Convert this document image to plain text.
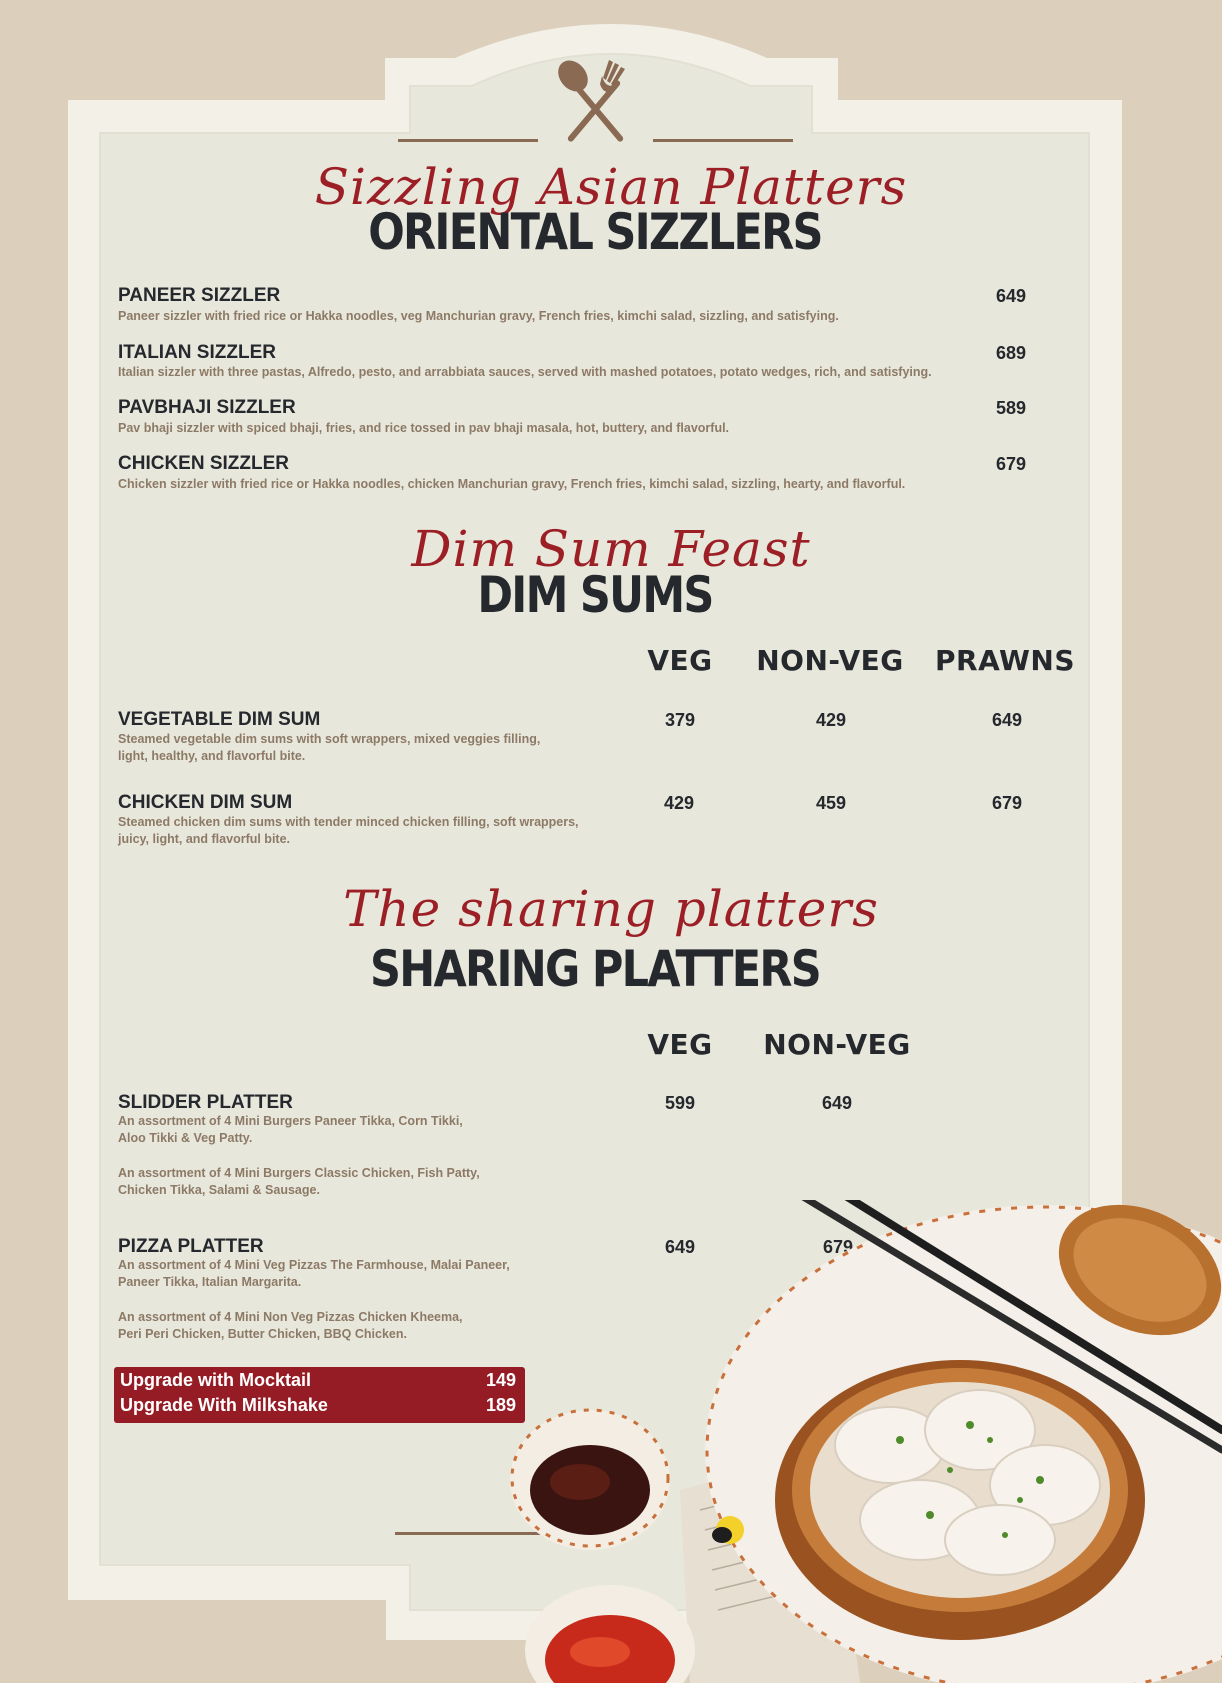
Sizzling Asian Platters
ORIENTAL SIZZLERS
PANEER SIZZLER	649
Paneer sizzler with fried rice or Hakka noodles, veg Manchurian gravy, French fries, kimchi salad, sizzling, and satisfying.
ITALIAN SIZZLER	689
Italian sizzler with three pastas, Alfredo, pesto, and arrabbiata sauces, served with mashed potatoes, potato wedges, rich, and satisfying.
PAVBHAJI SIZZLER	589
Pav bhaji sizzler with spiced bhaji, fries, and rice tossed in pav bhaji masala, hot, buttery, and flavorful.
CHICKEN SIZZLER	679
Chicken sizzler with fried rice or Hakka noodles, chicken Manchurian gravy, French fries, kimchi salad, sizzling, hearty, and flavorful.
Dim Sum Feast
DIM SUMS
VEG	NON-VEG	PRAWNS
VEGETABLE DIM SUM	379	429	649
Steamed vegetable dim sums with soft wrappers, mixed veggies filling,
light, healthy, and flavorful bite.
CHICKEN DIM SUM	429	459	679
Steamed chicken dim sums with tender minced chicken filling, soft wrappers,
juicy, light, and flavorful bite.
The sharing platters
SHARING PLATTERS
VEG	NON-VEG
SLIDDER PLATTER	599	649
An assortment of 4 Mini Burgers Paneer Tikka, Corn Tikki,
Aloo Tikki & Veg Patty.
An assortment of 4 Mini Burgers Classic Chicken, Fish Patty,
Chicken Tikka, Salami & Sausage.
PIZZA PLATTER	649	679
An assortment of 4 Mini Veg Pizzas The Farmhouse, Malai Paneer,
Paneer Tikka, Italian Margarita.
An assortment of 4 Mini Non Veg Pizzas Chicken Kheema,
Peri Peri Chicken, Butter Chicken, BBQ Chicken.
Upgrade with Mocktail	149
Upgrade With Milkshake	189
